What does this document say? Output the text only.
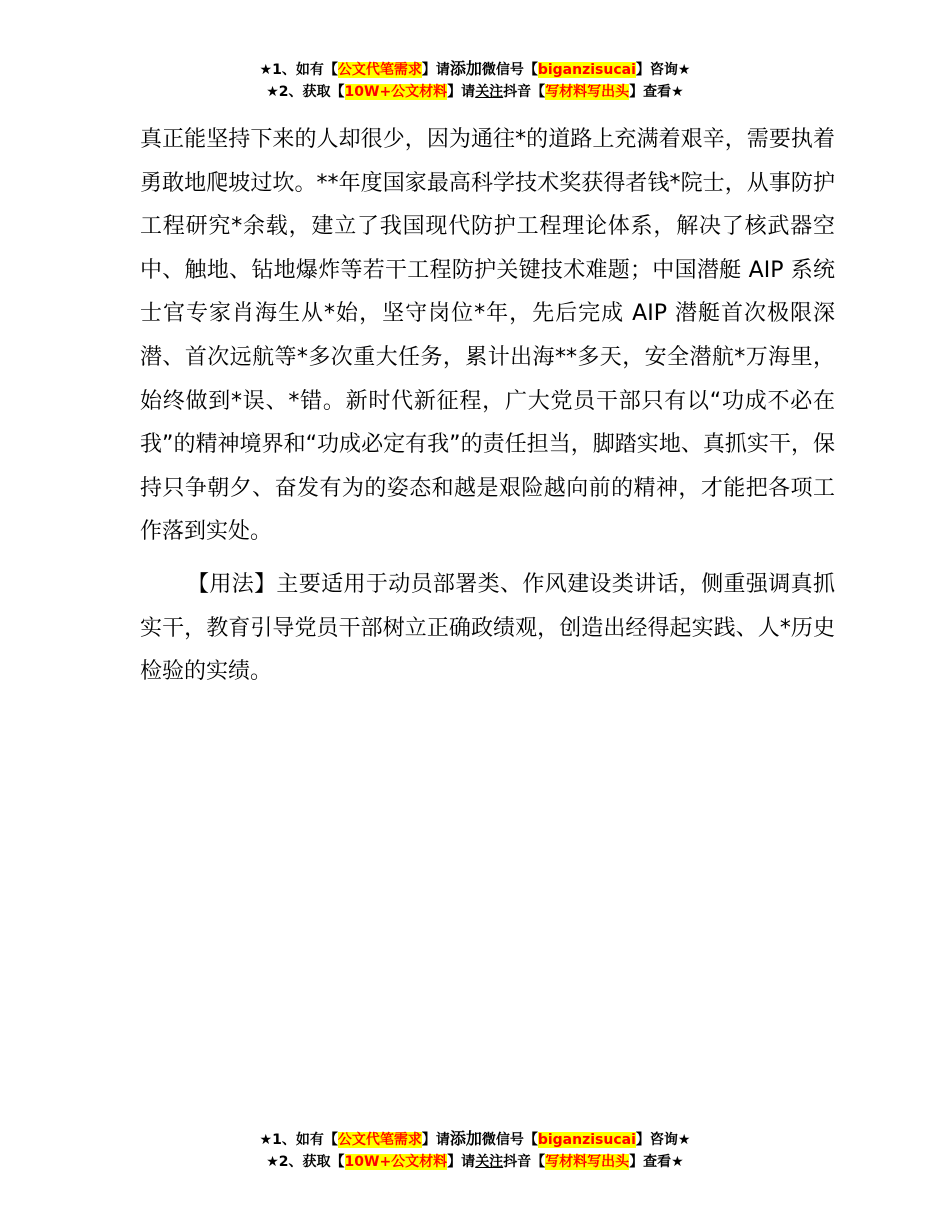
★1、如有【公文代笔需求】请添加微信号【biganzisucai】咨询★
★2、获取【10W+公文材料】请关注抖音【写材料写出头】查看★

真正能坚持下来的人却很少，因为通往*的道路上充满着艰辛，需要执着勇敢地爬坡过坎。**年度国家最高科学技术奖获得者钱*院士，从事防护工程研究*余载，建立了我国现代防护工程理论体系，解决了核武器空中、触地、钻地爆炸等若干工程防护关键技术难题；中国潜艇 AIP 系统士官专家肖海生从*始，坚守岗位*年，先后完成 AIP 潜艇首次极限深潜、首次远航等*多次重大任务，累计出海**多天，安全潜航*万海里，始终做到*误、*错。新时代新征程，广大党员干部只有以“功成不必在我”的精神境界和“功成必定有我”的责任担当，脚踏实地、真抓实干，保持只争朝夕、奋发有为的姿态和越是艰险越向前的精神，才能把各项工作落到实处。

【用法】主要适用于动员部署类、作风建设类讲话，侧重强调真抓实干，教育引导党员干部树立正确政绩观，创造出经得起实践、人*历史检验的实绩。

★1、如有【公文代笔需求】请添加微信号【biganzisucai】咨询★
★2、获取【10W+公文材料】请关注抖音【写材料写出头】查看★
